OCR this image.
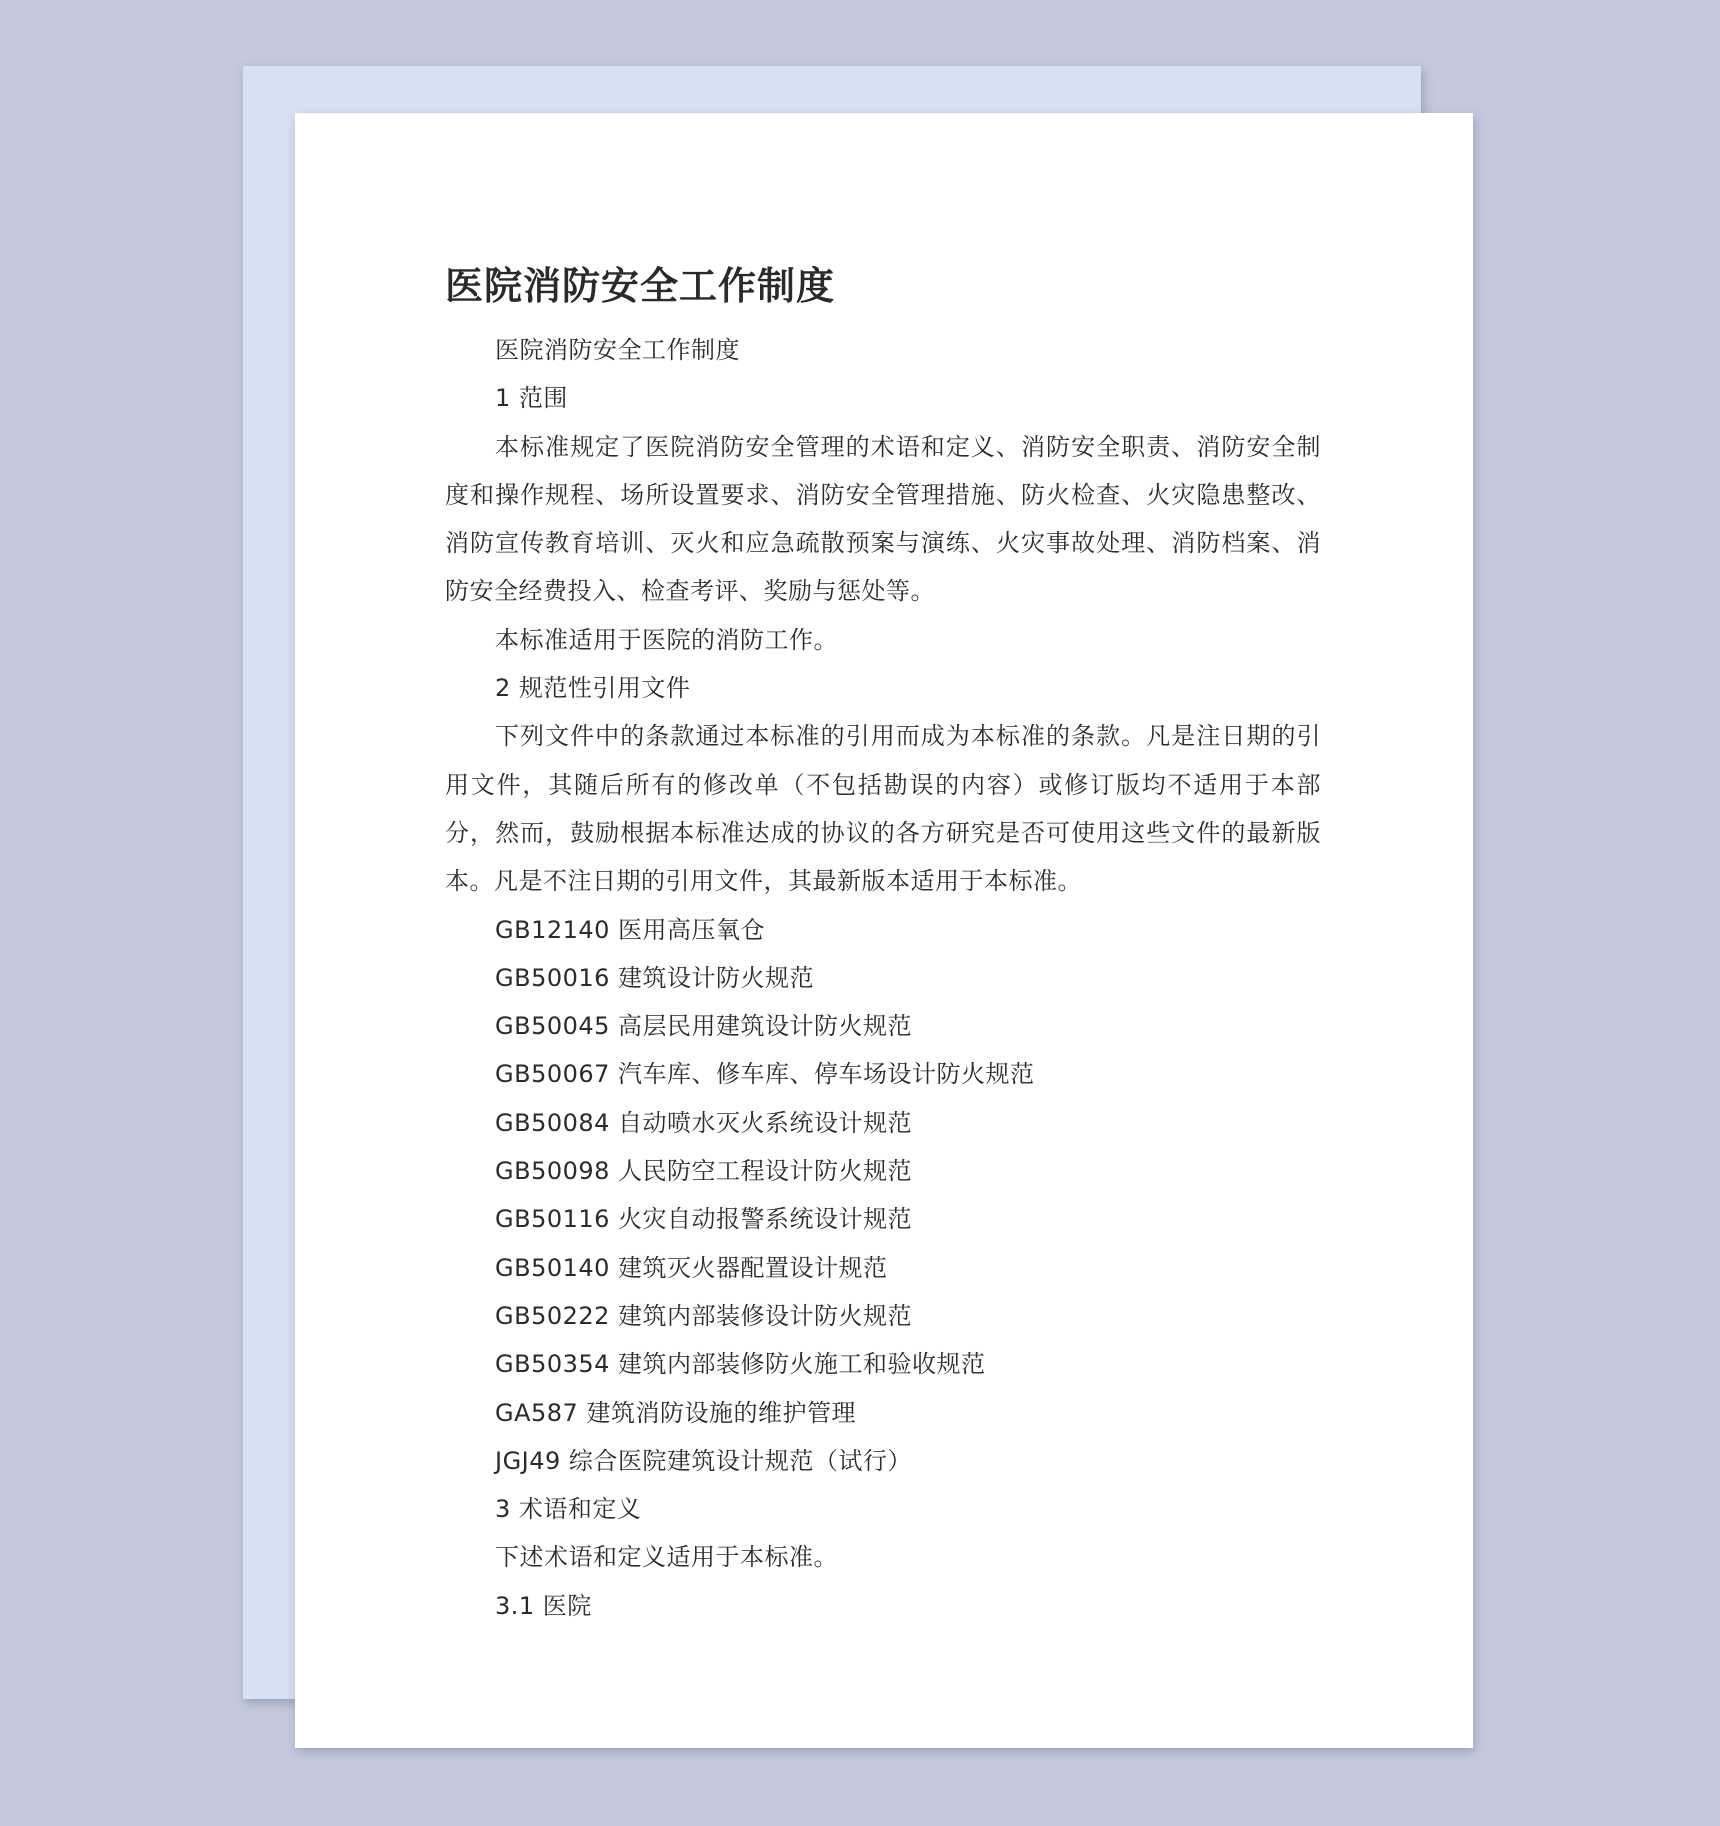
医院消防安全工作制度

医院消防安全工作制度

1 范围

本标准规定了医院消防安全管理的术语和定义、消防安全职责、消防安全制度和操作规程、场所设置要求、消防安全管理措施、防火检查、火灾隐患整改、消防宣传教育培训、灭火和应急疏散预案与演练、火灾事故处理、消防档案、消防安全经费投入、检查考评、奖励与惩处等。

本标准适用于医院的消防工作。

2 规范性引用文件

下列文件中的条款通过本标准的引用而成为本标准的条款。凡是注日期的引用文件，其随后所有的修改单（不包括勘误的内容）或修订版均不适用于本部分，然而，鼓励根据本标准达成的协议的各方研究是否可使用这些文件的最新版本。凡是不注日期的引用文件，其最新版本适用于本标准。

GB12140 医用高压氧仓

GB50016 建筑设计防火规范

GB50045 高层民用建筑设计防火规范

GB50067 汽车库、修车库、停车场设计防火规范

GB50084 自动喷水灭火系统设计规范

GB50098 人民防空工程设计防火规范

GB50116 火灾自动报警系统设计规范

GB50140 建筑灭火器配置设计规范

GB50222 建筑内部装修设计防火规范

GB50354 建筑内部装修防火施工和验收规范

GA587 建筑消防设施的维护管理

JGJ49 综合医院建筑设计规范（试行）

3 术语和定义

下述术语和定义适用于本标准。

3.1 医院
